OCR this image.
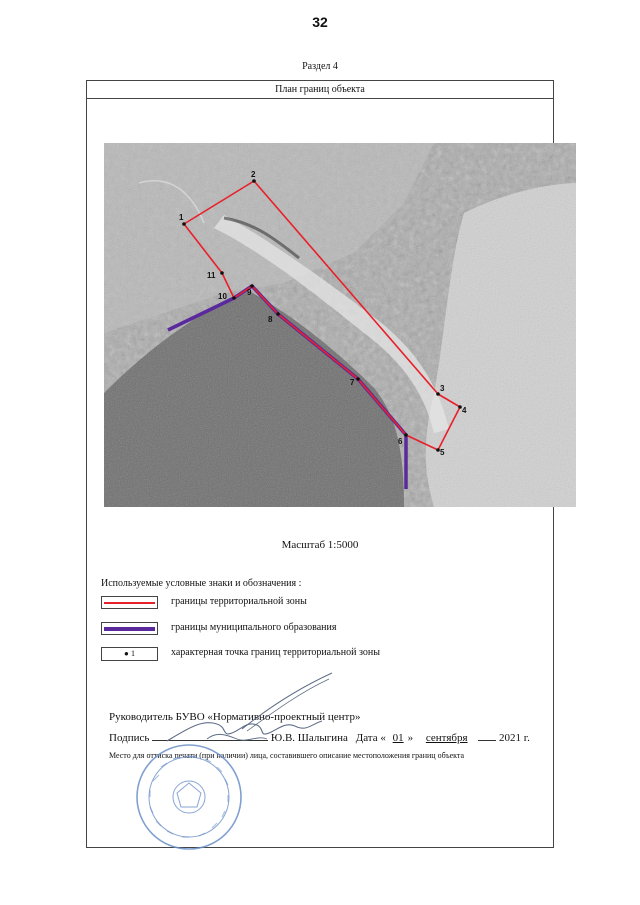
32
Раздел 4
План границ объекта
1
2
3
4
5
6
7
8
9
10
11
Масштаб 1:5000
Используемые условные знаки и обозначения :
границы территориальной зоны
границы муниципального образования
● 1	характерная точка границ территориальной зоны
Руководитель БУВО «Нормативно-проектный центр»
Подпись	Ю.В. Шалыгина Дата « 01 » сентября	2021 г.
Место для оттиска печати (при наличии) лица, составившего описание местоположения границ объекта
